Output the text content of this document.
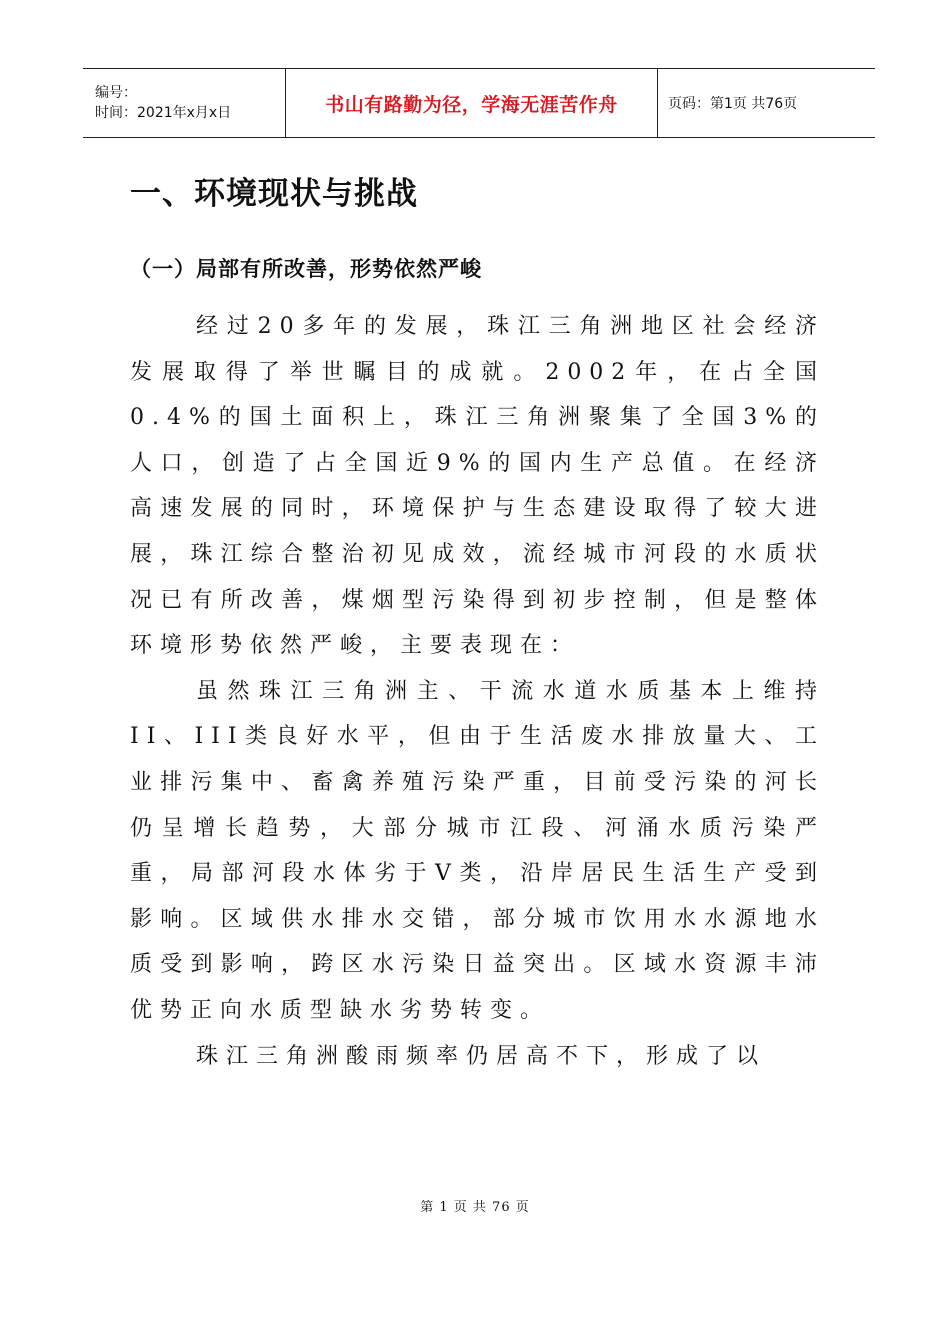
编号：
时间：2021年x月x日	书山有路勤为径，学海无涯苦作舟	页码：第1页 共76页
一、环境现状与挑战
（一）局部有所改善，形势依然严峻

经过20多年的发展，珠江三角洲地区社会经济发展取得了举世瞩目的成就。2002年，在占全国0.4%的国土面积上，珠江三角洲聚集了全国3%的人口，创造了占全国近9%的国内生产总值。在经济高速发展的同时，环境保护与生态建设取得了较大进展，珠江综合整治初见成效，流经城市河段的水质状况已有所改善，煤烟型污染得到初步控制，但是整体环境形势依然严峻，主要表现在：

虽然珠江三角洲主、干流水道水质基本上维持II、III类良好水平，但由于生活废水排放量大、工业排污集中、畜禽养殖污染严重，目前受污染的河长仍呈增长趋势，大部分城市江段、河涌水质污染严重，局部河段水体劣于V类，沿岸居民生活生产受到影响。区域供水排水交错，部分城市饮用水水源地水质受到影响，跨区水污染日益突出。区域水资源丰沛优势正向水质型缺水劣势转变。

珠江三角洲酸雨频率仍居高不下，形成了以

第 1 页 共 76 页
